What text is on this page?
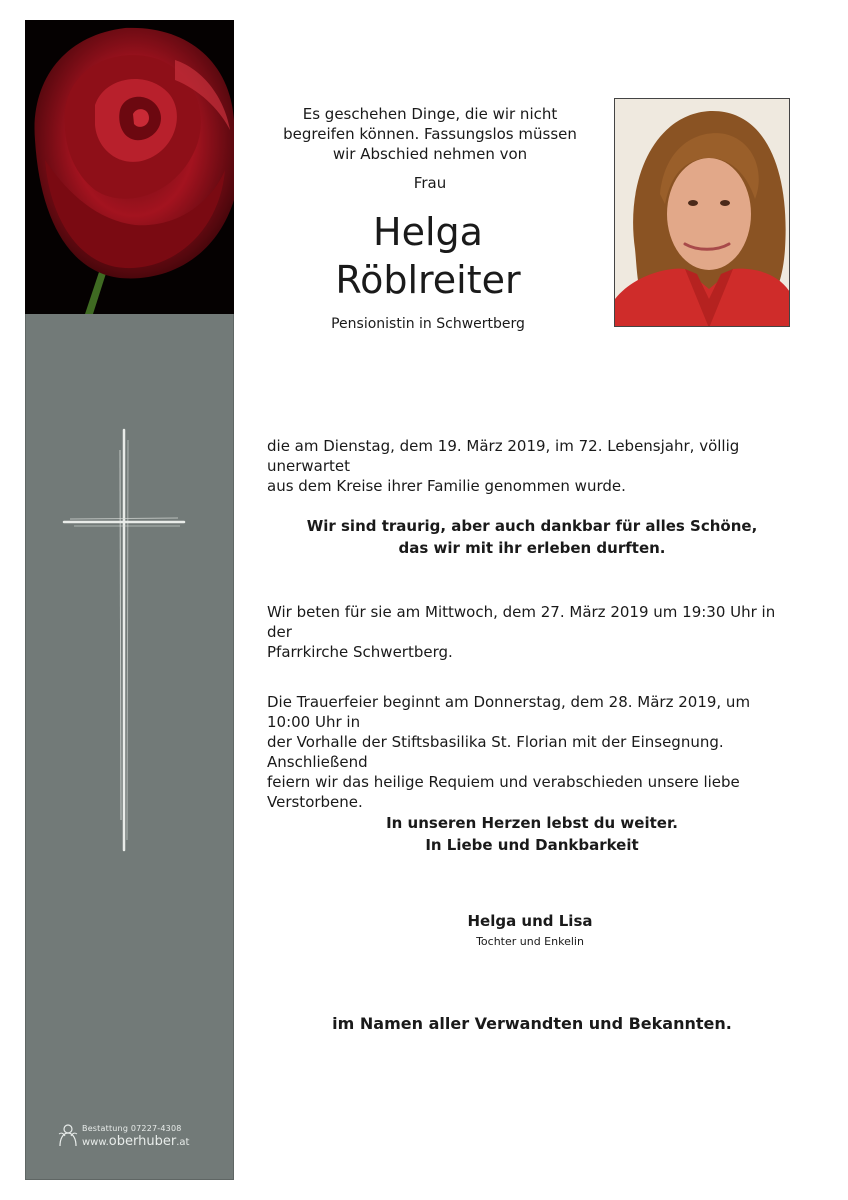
Bestattung 07227-4308
www.oberhuber.at
Es geschehen Dinge, die wir nicht
begreifen können. Fassungslos müssen
wir Abschied nehmen von
Frau
Helga
Röblreiter
Pensionistin in Schwertberg
die am Dienstag, dem 19. März 2019, im 72. Lebensjahr, völlig unerwartet
aus dem Kreise ihrer Familie genommen wurde.
Wir sind traurig, aber auch dankbar für alles Schöne,
das wir mit ihr erleben durften.
Wir beten für sie am Mittwoch, dem 27. März 2019 um 19:30 Uhr in der
Pfarrkirche Schwertberg.
Die Trauerfeier beginnt am Donnerstag, dem 28. März 2019, um 10:00 Uhr in
der Vorhalle der Stiftsbasilika St. Florian mit der Einsegnung. Anschließend
feiern wir das heilige Requiem und verabschieden unsere liebe Verstorbene.
In unseren Herzen lebst du weiter.
In Liebe und Dankbarkeit
Helga und Lisa
Tochter und Enkelin
im Namen aller Verwandten und Bekannten.
